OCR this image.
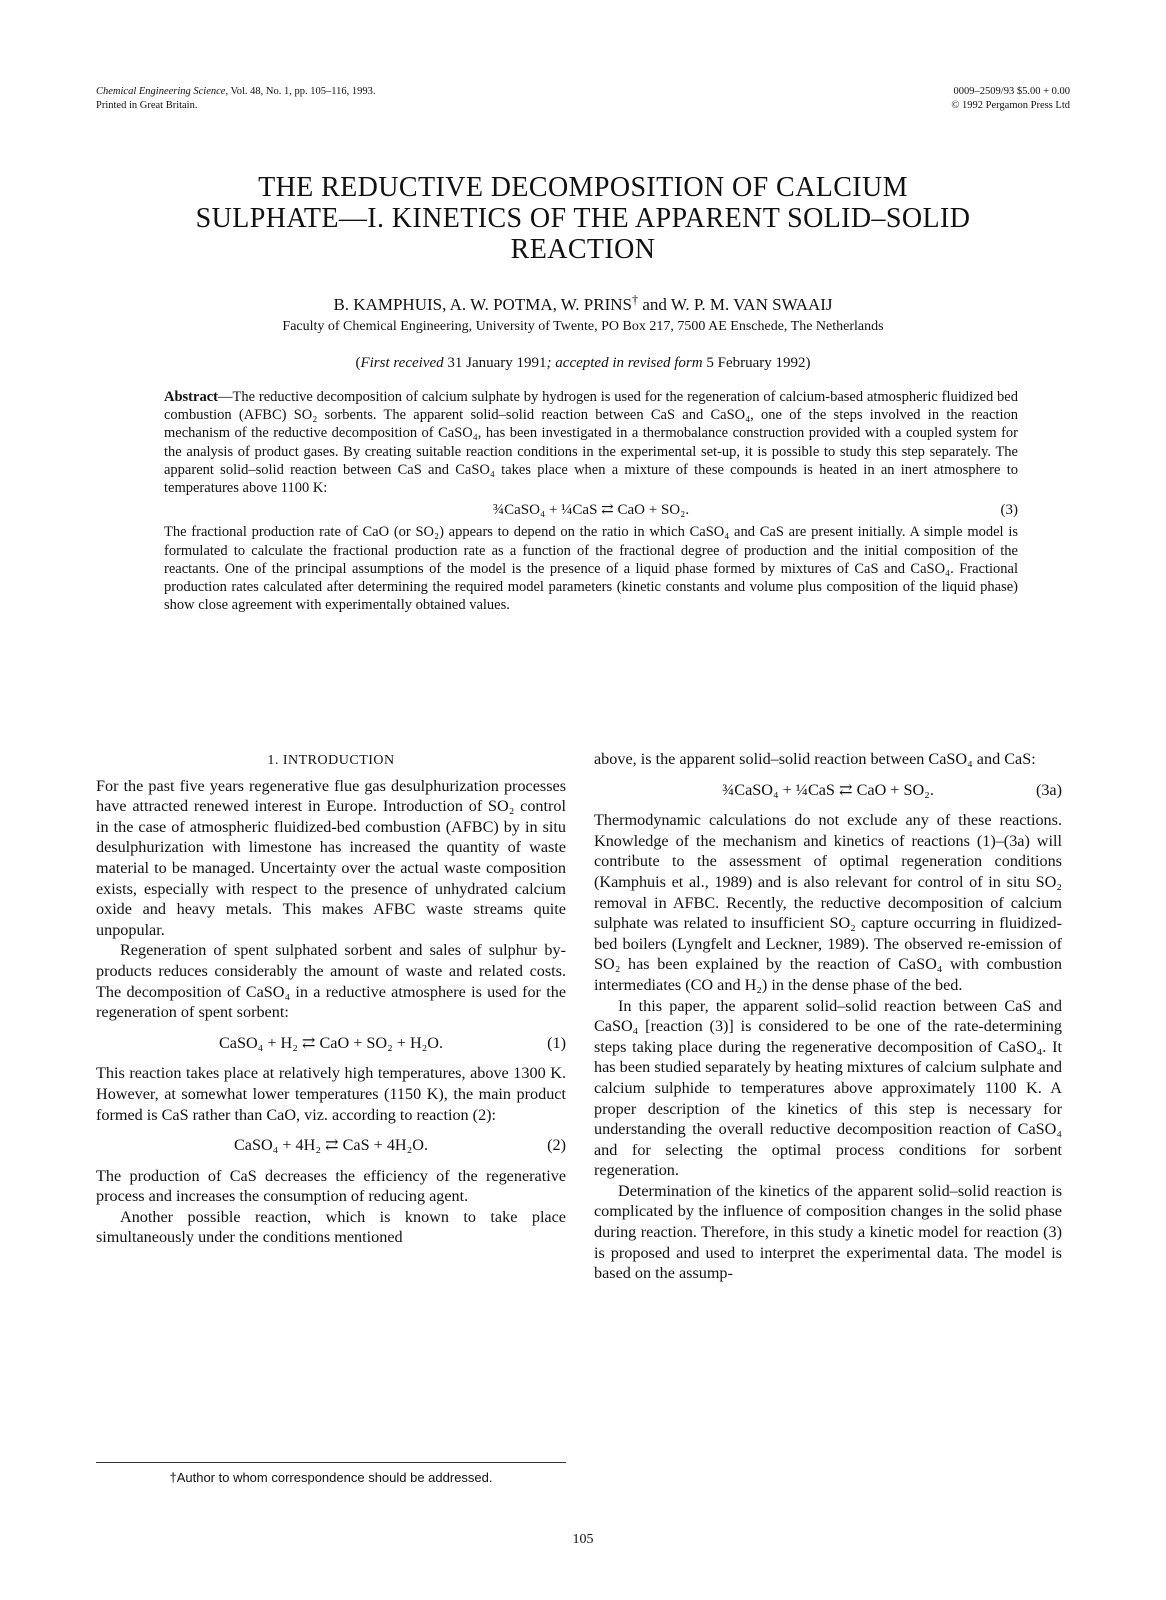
Chemical Engineering Science, Vol. 48, No. 1, pp. 105–116, 1993.
Printed in Great Britain.
0009–2509/93 $5.00 + 0.00
© 1992 Pergamon Press Ltd
THE REDUCTIVE DECOMPOSITION OF CALCIUM
SULPHATE—I. KINETICS OF THE APPARENT SOLID–SOLID
REACTION
B. KAMPHUIS, A. W. POTMA, W. PRINS† and W. P. M. VAN SWAAIJ
Faculty of Chemical Engineering, University of Twente, PO Box 217, 7500 AE Enschede, The Netherlands
(First received 31 January 1991; accepted in revised form 5 February 1992)

Abstract—The reductive decomposition of calcium sulphate by hydrogen is used for the regeneration of calcium-based atmospheric fluidized bed combustion (AFBC) SO₂ sorbents. The apparent solid–solid reaction between CaS and CaSO₄, one of the steps involved in the reaction mechanism of the reductive decomposition of CaSO₄, has been investigated in a thermobalance construction provided with a coupled system for the analysis of product gases. By creating suitable reaction conditions in the experimental set-up, it is possible to study this step separately. The apparent solid–solid reaction between CaS and CaSO₄ takes place when a mixture of these compounds is heated in an inert atmosphere to temperatures above 1100 K:

¾CaSO₄ + ¼CaS ⇄ CaO + SO₂.	(3)

The fractional production rate of CaO (or SO₂) appears to depend on the ratio in which CaSO₄ and CaS are present initially. A simple model is formulated to calculate the fractional production rate as a function of the fractional degree of production and the initial composition of the reactants. One of the principal assumptions of the model is the presence of a liquid phase formed by mixtures of CaS and CaSO₄. Fractional production rates calculated after determining the required model parameters (kinetic constants and volume plus composition of the liquid phase) show close agreement with experimentally obtained values.

1. INTRODUCTION

For the past five years regenerative flue gas desulphurization processes have attracted renewed interest in Europe. Introduction of SO₂ control in the case of atmospheric fluidized-bed combustion (AFBC) by in situ desulphurization with limestone has increased the quantity of waste material to be managed. Uncertainty over the actual waste composition exists, especially with respect to the presence of unhydrated calcium oxide and heavy metals. This makes AFBC waste streams quite unpopular.

Regeneration of spent sulphated sorbent and sales of sulphur by-products reduces considerably the amount of waste and related costs. The decomposition of CaSO₄ in a reductive atmosphere is used for the regeneration of spent sorbent:

CaSO₄ + H₂ ⇄ CaO + SO₂ + H₂O.	(1)

This reaction takes place at relatively high temperatures, above 1300 K. However, at somewhat lower temperatures (1150 K), the main product formed is CaS rather than CaO, viz. according to reaction (2):

CaSO₄ + 4H₂ ⇄ CaS + 4H₂O.	(2)

The production of CaS decreases the efficiency of the regenerative process and increases the consumption of reducing agent.

Another possible reaction, which is known to take place simultaneously under the conditions mentioned

†Author to whom correspondence should be addressed.

above, is the apparent solid–solid reaction between CaSO₄ and CaS:

¾CaSO₄ + ¼CaS ⇄ CaO + SO₂.	(3a)

Thermodynamic calculations do not exclude any of these reactions. Knowledge of the mechanism and kinetics of reactions (1)–(3a) will contribute to the assessment of optimal regeneration conditions (Kamphuis et al., 1989) and is also relevant for control of in situ SO₂ removal in AFBC. Recently, the reductive decomposition of calcium sulphate was related to insufficient SO₂ capture occurring in fluidized-bed boilers (Lyngfelt and Leckner, 1989). The observed re-emission of SO₂ has been explained by the reaction of CaSO₄ with combustion intermediates (CO and H₂) in the dense phase of the bed.

In this paper, the apparent solid–solid reaction between CaS and CaSO₄ [reaction (3)] is considered to be one of the rate-determining steps taking place during the regenerative decomposition of CaSO₄. It has been studied separately by heating mixtures of calcium sulphate and calcium sulphide to temperatures above approximately 1100 K. A proper description of the kinetics of this step is necessary for understanding the overall reductive decomposition reaction of CaSO₄ and for selecting the optimal process conditions for sorbent regeneration.

Determination of the kinetics of the apparent solid–solid reaction is complicated by the influence of composition changes in the solid phase during reaction. Therefore, in this study a kinetic model for reaction (3) is proposed and used to interpret the experimental data. The model is based on the assump-

105
